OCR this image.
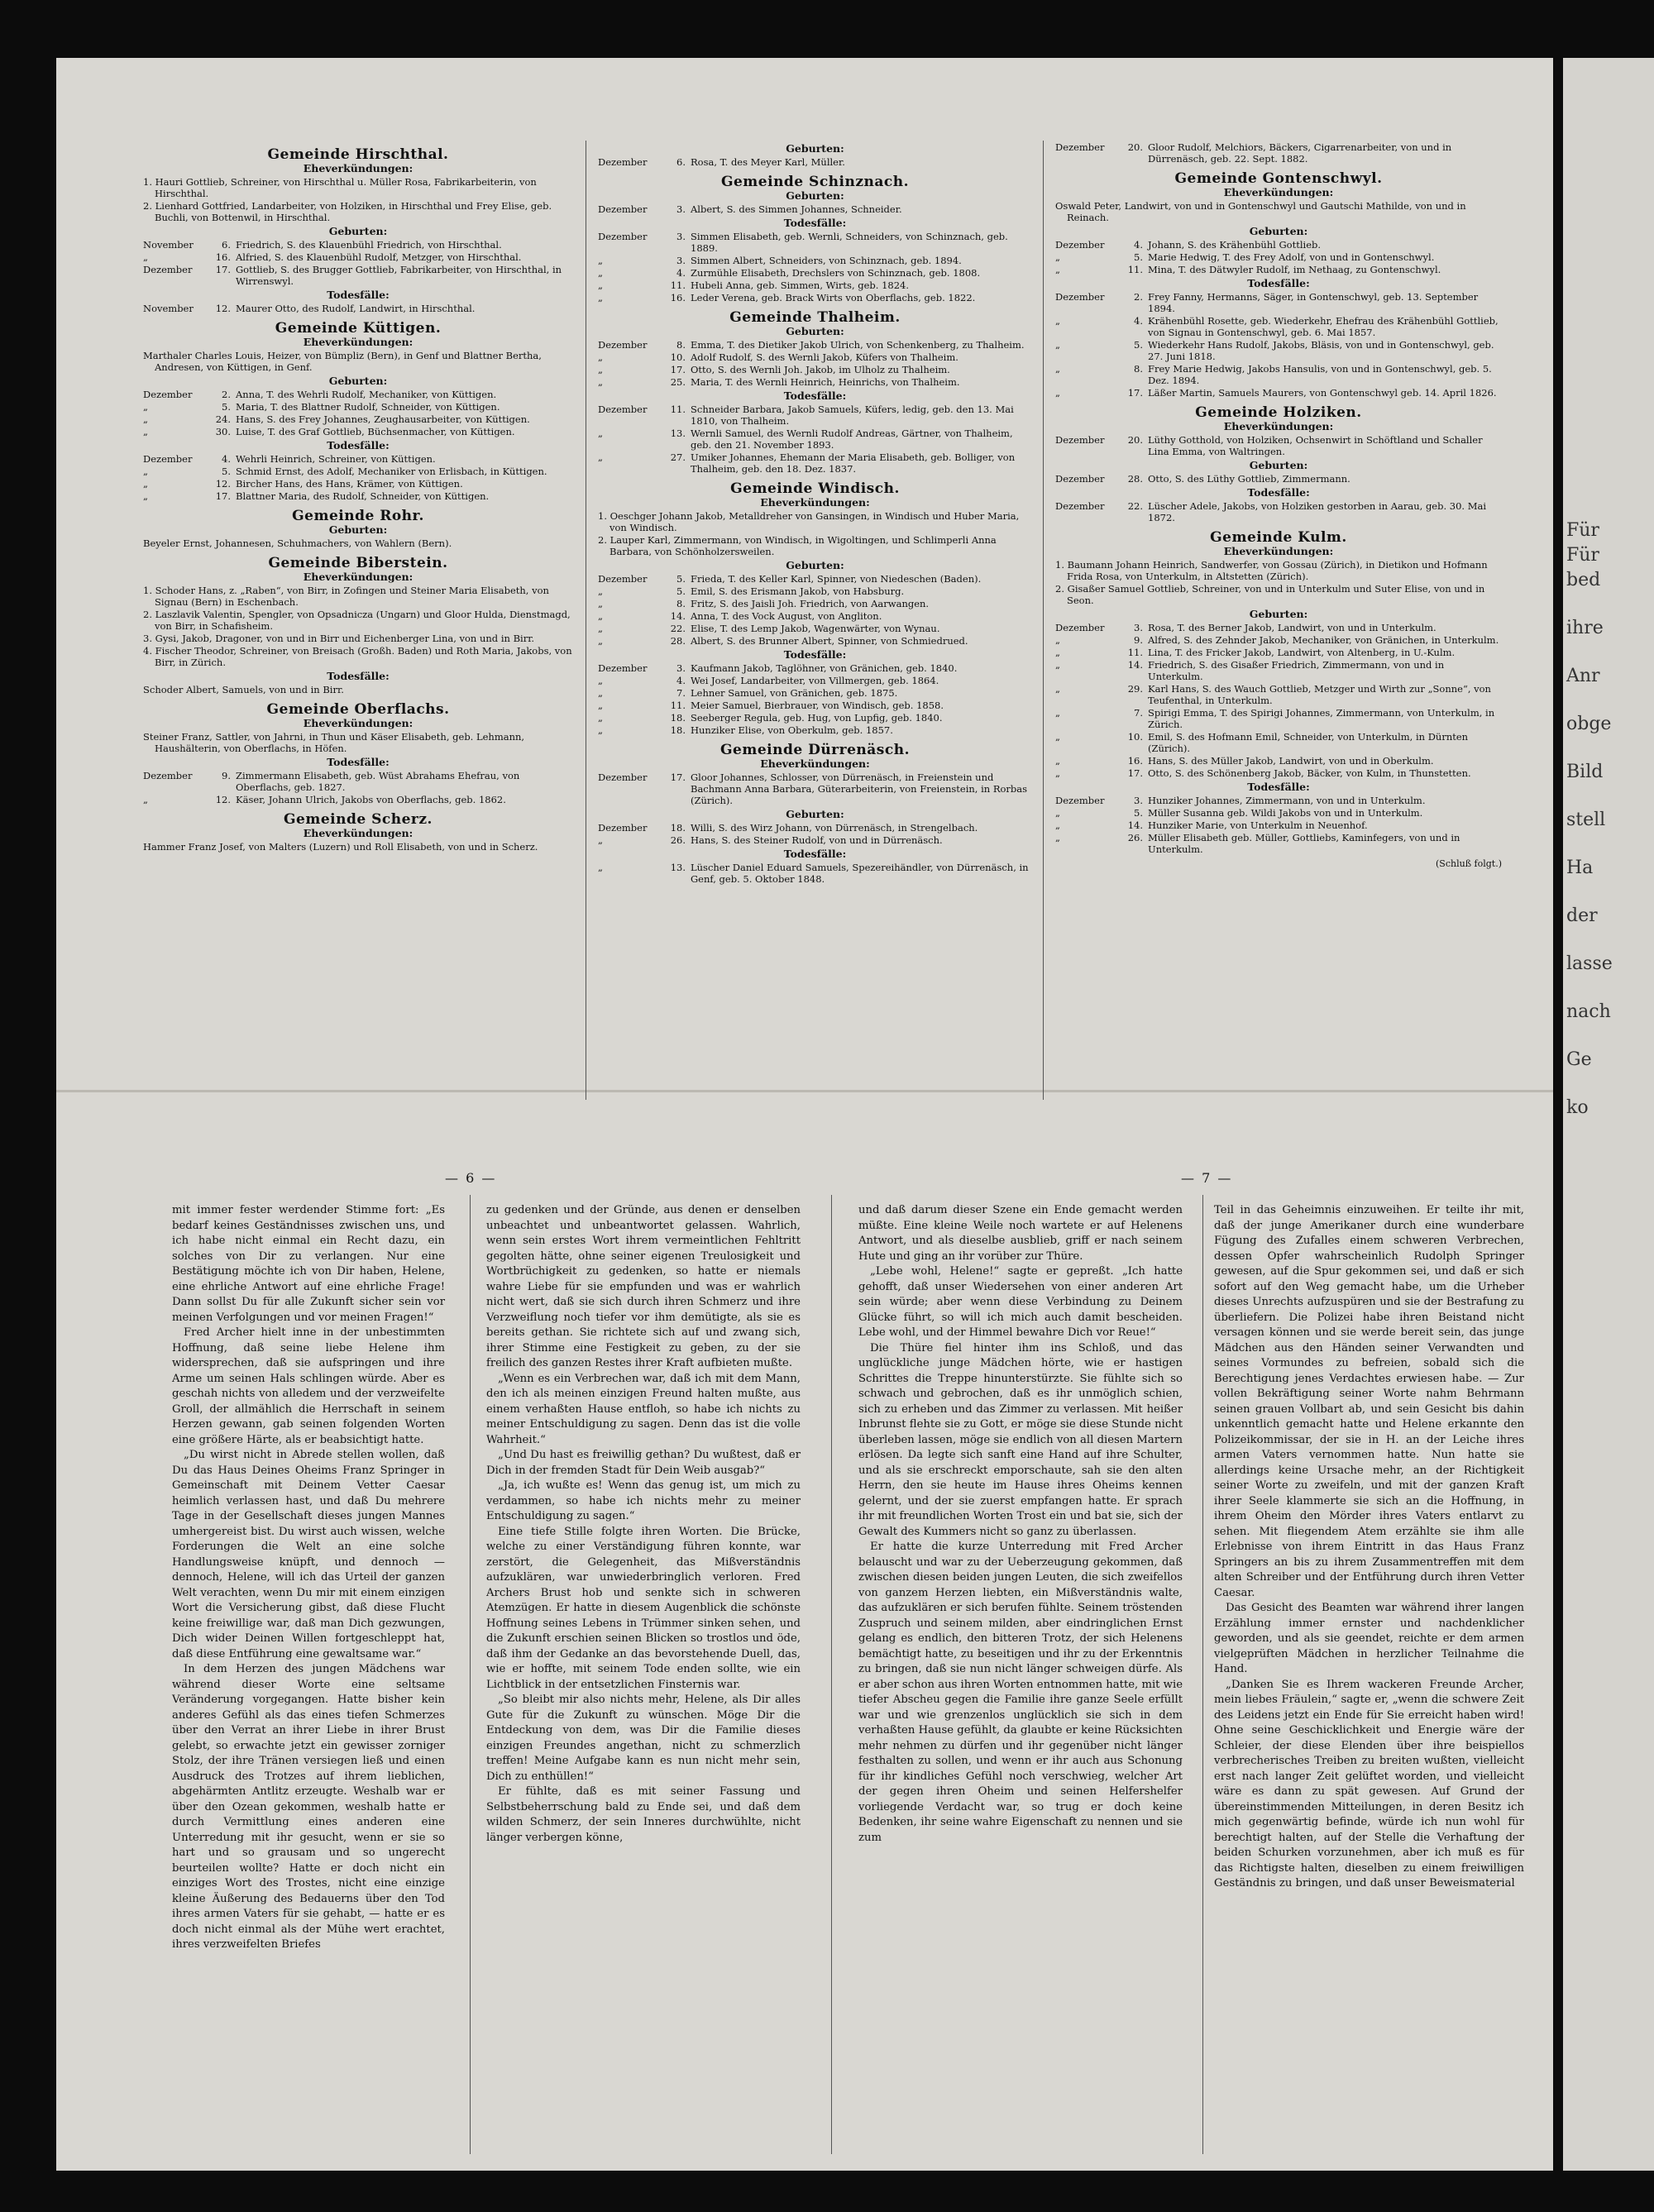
Gemeinde Hirschthal.
Eheverkündungen:
1. Hauri Gottlieb, Schreiner, von Hirschthal u. Müller Rosa, Fabrikarbeiterin, von Hirschthal.
2. Lienhard Gottfried, Landarbeiter, von Holziken, in Hirschthal und Frey Elise, geb. Buchli, von Bottenwil, in Hirschthal.
Geburten:
November	6. Friedrich, S. des Klauenbühl Friedrich, von Hirschthal.
„	16. Alfried, S. des Klauenbühl Rudolf, Metzger, von Hirschthal.
Dezember	17. Gottlieb, S. des Brugger Gottlieb, Fabrikarbeiter, von Hirschthal, in Wirrenswyl.
Todesfälle:
November	12. Maurer Otto, des Rudolf, Landwirt, in Hirschthal.
Gemeinde Küttigen.
Eheverkündungen:
Marthaler Charles Louis, Heizer, von Bümpliz (Bern), in Genf und Blattner Bertha, Andresen, von Küttigen, in Genf.
Geburten:
Dezember	2. Anna, T. des Wehrli Rudolf, Mechaniker, von Küttigen.
„	5. Maria, T. des Blattner Rudolf, Schneider, von Küttigen.
„	24. Hans, S. des Frey Johannes, Zeughausarbeiter, von Küttigen.
„	30. Luise, T. des Graf Gottlieb, Büchsenmacher, von Küttigen.
Todesfälle:
Dezember	4. Wehrli Heinrich, Schreiner, von Küttigen.
„	5. Schmid Ernst, des Adolf, Mechaniker von Erlisbach, in Küttigen.
„	12. Bircher Hans, des Hans, Krämer, von Küttigen.
„	17. Blattner Maria, des Rudolf, Schneider, von Küttigen.
Gemeinde Rohr.
Geburten:
Beyeler Ernst, Johannesen, Schuhmachers, von Wahlern (Bern).
Gemeinde Biberstein.
Eheverkündungen:
1. Schoder Hans, z. „Raben“, von Birr, in Zofingen und Steiner Maria Elisabeth, von Signau (Bern) in Eschenbach.
2. Laszlavik Valentin, Spengler, von Opsadnicza (Ungarn) und Gloor Hulda, Dienstmagd, von Birr, in Schafisheim.
3. Gysi, Jakob, Dragoner, von und in Birr und Eichenberger Lina, von und in Birr.
4. Fischer Theodor, Schreiner, von Breisach (Großh. Baden) und Roth Maria, Jakobs, von Birr, in Zürich.
Todesfälle:
Schoder Albert, Samuels, von und in Birr.
Gemeinde Oberflachs.
Eheverkündungen:
Steiner Franz, Sattler, von Jahrni, in Thun und Käser Elisabeth, geb. Lehmann, Haushälterin, von Oberflachs, in Höfen.
Todesfälle:
Dezember	9. Zimmermann Elisabeth, geb. Wüst Abrahams Ehefrau, von Oberflachs, geb. 1827.
„	12. Käser, Johann Ulrich, Jakobs von Oberflachs, geb. 1862.
Gemeinde Scherz.
Eheverkündungen:
Hammer Franz Josef, von Malters (Luzern) und Roll Elisabeth, von und in Scherz.
Geburten:
Dezember	6. Rosa, T. des Meyer Karl, Müller.
Gemeinde Schinznach.
Geburten:
Dezember	3. Albert, S. des Simmen Johannes, Schneider.
Todesfälle:
Dezember	3. Simmen Elisabeth, geb. Wernli, Schneiders, von Schinznach, geb. 1889.
„	3. Simmen Albert, Schneiders, von Schinznach, geb. 1894.
„	4. Zurmühle Elisabeth, Drechslers von Schinznach, geb. 1808.
„	11. Hubeli Anna, geb. Simmen, Wirts, geb. 1824.
„	16. Leder Verena, geb. Brack Wirts von Oberflachs, geb. 1822.
Gemeinde Thalheim.
Geburten:
Dezember	8. Emma, T. des Dietiker Jakob Ulrich, von Schenkenberg, zu Thalheim.
„	10. Adolf Rudolf, S. des Wernli Jakob, Küfers von Thalheim.
„	17. Otto, S. des Wernli Joh. Jakob, im Ulholz zu Thalheim.
„	25. Maria, T. des Wernli Heinrich, Heinrichs, von Thalheim.
Todesfälle:
Dezember	11. Schneider Barbara, Jakob Samuels, Küfers, ledig, geb. den 13. Mai 1810, von Thalheim.
„	13. Wernli Samuel, des Wernli Rudolf Andreas, Gärtner, von Thalheim, geb. den 21. November 1893.
„	27. Umiker Johannes, Ehemann der Maria Elisabeth, geb. Bolliger, von Thalheim, geb. den 18. Dez. 1837.
Gemeinde Windisch.
Eheverkündungen:
1. Oeschger Johann Jakob, Metalldreher von Gansingen, in Windisch und Huber Maria, von Windisch.
2. Lauper Karl, Zimmermann, von Windisch, in Wigoltingen, und Schlimperli Anna Barbara, von Schönholzersweilen.
Geburten:
Dezember	5. Frieda, T. des Keller Karl, Spinner, von Niedeschen (Baden).
„	5. Emil, S. des Erismann Jakob, von Habsburg.
„	8. Fritz, S. des Jaisli Joh. Friedrich, von Aarwangen.
„	14. Anna, T. des Vock August, von Angliton.
„	22. Elise, T. des Lemp Jakob, Wagenwärter, von Wynau.
„	28. Albert, S. des Brunner Albert, Spinner, von Schmiedrued.
Todesfälle:
Dezember	3. Kaufmann Jakob, Taglöhner, von Gränichen, geb. 1840.
„	4. Wei Josef, Landarbeiter, von Villmergen, geb. 1864.
„	7. Lehner Samuel, von Gränichen, geb. 1875.
„	11. Meier Samuel, Bierbrauer, von Windisch, geb. 1858.
„	18. Seeberger Regula, geb. Hug, von Lupfig, geb. 1840.
„	18. Hunziker Elise, von Oberkulm, geb. 1857.
Gemeinde Dürrenäsch.
Eheverkündungen:
Dezember	17. Gloor Johannes, Schlosser, von Dürrenäsch, in Freienstein und Bachmann Anna Barbara, Güterarbeiterin, von Freienstein, in Rorbas (Zürich).
Geburten:
Dezember	18. Willi, S. des Wirz Johann, von Dürrenäsch, in Strengelbach.
„	26. Hans, S. des Steiner Rudolf, von und in Dürrenäsch.
Todesfälle:
„	13. Lüscher Daniel Eduard Samuels, Spezereihändler, von Dürrenäsch, in Genf, geb. 5. Oktober 1848.
Dezember	20. Gloor Rudolf, Melchiors, Bäckers, Cigarrenarbeiter, von und in Dürrenäsch, geb. 22. Sept. 1882.
Gemeinde Gontenschwyl.
Eheverkündungen:
Oswald Peter, Landwirt, von und in Gontenschwyl und Gautschi Mathilde, von und in Reinach.
Geburten:
Dezember	4. Johann, S. des Krähenbühl Gottlieb.
„	5. Marie Hedwig, T. des Frey Adolf, von und in Gontenschwyl.
„	11. Mina, T. des Dätwyler Rudolf, im Nethaag, zu Gontenschwyl.
Todesfälle:
Dezember	2. Frey Fanny, Hermanns, Säger, in Gontenschwyl, geb. 13. September 1894.
„	4. Krähenbühl Rosette, geb. Wiederkehr, Ehefrau des Krähenbühl Gottlieb, von Signau in Gontenschwyl, geb. 6. Mai 1857.
„	5. Wiederkehr Hans Rudolf, Jakobs, Bläsis, von und in Gontenschwyl, geb. 27. Juni 1818.
„	8. Frey Marie Hedwig, Jakobs Hansulis, von und in Gontenschwyl, geb. 5. Dez. 1894.
„	17. Läßer Martin, Samuels Maurers, von Gontenschwyl geb. 14. April 1826.
Gemeinde Holziken.
Eheverkündungen:
Dezember	20. Lüthy Gotthold, von Holziken, Ochsenwirt in Schöftland und Schaller Lina Emma, von Waltringen.
Geburten:
Dezember	28. Otto, S. des Lüthy Gottlieb, Zimmermann.
Todesfälle:
Dezember	22. Lüscher Adele, Jakobs, von Holziken gestorben in Aarau, geb. 30. Mai 1872.
Gemeinde Kulm.
Eheverkündungen:
1. Baumann Johann Heinrich, Sandwerfer, von Gossau (Zürich), in Dietikon und Hofmann Frida Rosa, von Unterkulm, in Altstetten (Zürich).
2. Gisaßer Samuel Gottlieb, Schreiner, von und in Unterkulm und Suter Elise, von und in Seon.
Geburten:
Dezember	3. Rosa, T. des Berner Jakob, Landwirt, von und in Unterkulm.
„	9. Alfred, S. des Zehnder Jakob, Mechaniker, von Gränichen, in Unterkulm.
„	11. Lina, T. des Fricker Jakob, Landwirt, von Altenberg, in U.-Kulm.
„	14. Friedrich, S. des Gisaßer Friedrich, Zimmermann, von und in Unterkulm.
„	29. Karl Hans, S. des Wauch Gottlieb, Metzger und Wirth zur „Sonne“, von Teufenthal, in Unterkulm.
„	7. Spirigi Emma, T. des Spirigi Johannes, Zimmermann, von Unterkulm, in Zürich.
„	10. Emil, S. des Hofmann Emil, Schneider, von Unterkulm, in Dürnten (Zürich).
„	16. Hans, S. des Müller Jakob, Landwirt, von und in Oberkulm.
„	17. Otto, S. des Schönenberg Jakob, Bäcker, von Kulm, in Thunstetten.
Todesfälle:
Dezember	3. Hunziker Johannes, Zimmermann, von und in Unterkulm.
„	5. Müller Susanna geb. Wildi Jakobs von und in Unterkulm.
„	14. Hunziker Marie, von Unterkulm in Neuenhof.
„	26. Müller Elisabeth geb. Müller, Gottliebs, Kaminfegers, von und in Unterkulm.
(Schluß folgt.)
— 6 —	— 7 —

mit immer fester werdender Stimme fort: „Es bedarf keines Geständnisses zwischen uns, und ich habe nicht einmal ein Recht dazu, ein solches von Dir zu verlangen. Nur eine Bestätigung möchte ich von Dir haben, Helene, eine ehrliche Antwort auf eine ehrliche Frage! Dann sollst Du für alle Zukunft sicher sein vor meinen Verfolgungen und vor meinen Fragen!“

Fred Archer hielt inne in der unbestimmten Hoffnung, daß seine liebe Helene ihm widersprechen, daß sie aufspringen und ihre Arme um seinen Hals schlingen würde. Aber es geschah nichts von alledem und der verzweifelte Groll, der allmählich die Herrschaft in seinem Herzen gewann, gab seinen folgenden Worten eine größere Härte, als er beabsichtigt hatte.

„Du wirst nicht in Abrede stellen wollen, daß Du das Haus Deines Oheims Franz Springer in Gemeinschaft mit Deinem Vetter Caesar heimlich verlassen hast, und daß Du mehrere Tage in der Gesellschaft dieses jungen Mannes umhergereist bist. Du wirst auch wissen, welche Forderungen die Welt an eine solche Handlungsweise knüpft, und dennoch — dennoch, Helene, will ich das Urteil der ganzen Welt verachten, wenn Du mir mit einem einzigen Wort die Versicherung gibst, daß diese Flucht keine freiwillige war, daß man Dich gezwungen, Dich wider Deinen Willen fortgeschleppt hat, daß diese Entführung eine gewaltsame war.“

In dem Herzen des jungen Mädchens war während dieser Worte eine seltsame Veränderung vorgegangen. Hatte bisher kein anderes Gefühl als das eines tiefen Schmerzes über den Verrat an ihrer Liebe in ihrer Brust gelebt, so erwachte jetzt ein gewisser zorniger Stolz, der ihre Tränen versiegen ließ und einen Ausdruck des Trotzes auf ihrem lieblichen, abgehärmten Antlitz erzeugte. Weshalb war er über den Ozean gekommen, weshalb hatte er durch Vermittlung eines anderen eine Unterredung mit ihr gesucht, wenn er sie so hart und so grausam und so ungerecht beurteilen wollte? Hatte er doch nicht ein einziges Wort des Trostes, nicht eine einzige kleine Äußerung des Bedauerns über den Tod ihres armen Vaters für sie gehabt, — hatte er es doch nicht einmal als der Mühe wert erachtet, ihres verzweifelten Briefes

zu gedenken und der Gründe, aus denen er denselben unbeachtet und unbeantwortet gelassen. Wahrlich, wenn sein erstes Wort ihrem vermeintlichen Fehltritt gegolten hätte, ohne seiner eigenen Treulosigkeit und Wortbrüchigkeit zu gedenken, so hatte er niemals wahre Liebe für sie empfunden und was er wahrlich nicht wert, daß sie sich durch ihren Schmerz und ihre Verzweiflung noch tiefer vor ihm demütigte, als sie es bereits gethan. Sie richtete sich auf und zwang sich, ihrer Stimme eine Festigkeit zu geben, zu der sie freilich des ganzen Restes ihrer Kraft aufbieten mußte.

„Wenn es ein Verbrechen war, daß ich mit dem Mann, den ich als meinen einzigen Freund halten mußte, aus einem verhaßten Hause entfloh, so habe ich nichts zu meiner Entschuldigung zu sagen. Denn das ist die volle Wahrheit.“

„Und Du hast es freiwillig gethan? Du wußtest, daß er Dich in der fremden Stadt für Dein Weib ausgab?“

„Ja, ich wußte es! Wenn das genug ist, um mich zu verdammen, so habe ich nichts mehr zu meiner Entschuldigung zu sagen.“

Eine tiefe Stille folgte ihren Worten. Die Brücke, welche zu einer Verständigung führen konnte, war zerstört, die Gelegenheit, das Mißverständnis aufzuklären, war unwiederbringlich verloren. Fred Archers Brust hob und senkte sich in schweren Atemzügen. Er hatte in diesem Augenblick die schönste Hoffnung seines Lebens in Trümmer sinken sehen, und die Zukunft erschien seinen Blicken so trostlos und öde, daß ihm der Gedanke an das bevorstehende Duell, das, wie er hoffte, mit seinem Tode enden sollte, wie ein Lichtblick in der entsetzlichen Finsternis war.

„So bleibt mir also nichts mehr, Helene, als Dir alles Gute für die Zukunft zu wünschen. Möge Dir die Entdeckung von dem, was Dir die Familie dieses einzigen Freundes angethan, nicht zu schmerzlich treffen! Meine Aufgabe kann es nun nicht mehr sein, Dich zu enthüllen!“

Er fühlte, daß es mit seiner Fassung und Selbstbeherrschung bald zu Ende sei, und daß dem wilden Schmerz, der sein Inneres durchwühlte, nicht länger verbergen könne,

und daß darum dieser Szene ein Ende gemacht werden müßte. Eine kleine Weile noch wartete er auf Helenens Antwort, und als dieselbe ausblieb, griff er nach seinem Hute und ging an ihr vorüber zur Thüre.

„Lebe wohl, Helene!“ sagte er gepreßt. „Ich hatte gehofft, daß unser Wiedersehen von einer anderen Art sein würde; aber wenn diese Verbindung zu Deinem Glücke führt, so will ich mich auch damit bescheiden. Lebe wohl, und der Himmel bewahre Dich vor Reue!“

Die Thüre fiel hinter ihm ins Schloß, und das unglückliche junge Mädchen hörte, wie er hastigen Schrittes die Treppe hinunterstürzte. Sie fühlte sich so schwach und gebrochen, daß es ihr unmöglich schien, sich zu erheben und das Zimmer zu verlassen. Mit heißer Inbrunst flehte sie zu Gott, er möge sie diese Stunde nicht überleben lassen, möge sie endlich von all diesen Martern erlösen. Da legte sich sanft eine Hand auf ihre Schulter, und als sie erschreckt emporschaute, sah sie den alten Herrn, den sie heute im Hause ihres Oheims kennen gelernt, und der sie zuerst empfangen hatte. Er sprach ihr mit freundlichen Worten Trost ein und bat sie, sich der Gewalt des Kummers nicht so ganz zu überlassen.

Er hatte die kurze Unterredung mit Fred Archer belauscht und war zu der Ueberzeugung gekommen, daß zwischen diesen beiden jungen Leuten, die sich zweifellos von ganzem Herzen liebten, ein Mißverständnis walte, das aufzuklären er sich berufen fühlte. Seinem tröstenden Zuspruch und seinem milden, aber eindringlichen Ernst gelang es endlich, den bitteren Trotz, der sich Helenens bemächtigt hatte, zu beseitigen und ihr zu der Erkenntnis zu bringen, daß sie nun nicht länger schweigen dürfe. Als er aber schon aus ihren Worten entnommen hatte, mit wie tiefer Abscheu gegen die Familie ihre ganze Seele erfüllt war und wie grenzenlos unglücklich sie sich in dem verhaßten Hause gefühlt, da glaubte er keine Rücksichten mehr nehmen zu dürfen und ihr gegenüber nicht länger festhalten zu sollen, und wenn er ihr auch aus Schonung für ihr kindliches Gefühl noch verschwieg, welcher Art der gegen ihren Oheim und seinen Helfershelfer vorliegende Verdacht war, so trug er doch keine Bedenken, ihr seine wahre Eigenschaft zu nennen und sie zum

Teil in das Geheimnis einzuweihen. Er teilte ihr mit, daß der junge Amerikaner durch eine wunderbare Fügung des Zufalles einem schweren Verbrechen, dessen Opfer wahrscheinlich Rudolph Springer gewesen, auf die Spur gekommen sei, und daß er sich sofort auf den Weg gemacht habe, um die Urheber dieses Unrechts aufzuspüren und sie der Bestrafung zu überliefern. Die Polizei habe ihren Beistand nicht versagen können und sie werde bereit sein, das junge Mädchen aus den Händen seiner Verwandten und seines Vormundes zu befreien, sobald sich die Berechtigung jenes Verdachtes erwiesen habe. — Zur vollen Bekräftigung seiner Worte nahm Behrmann seinen grauen Vollbart ab, und sein Gesicht bis dahin unkenntlich gemacht hatte und Helene erkannte den Polizeikommissar, der sie in H. an der Leiche ihres armen Vaters vernommen hatte. Nun hatte sie allerdings keine Ursache mehr, an der Richtigkeit seiner Worte zu zweifeln, und mit der ganzen Kraft ihrer Seele klammerte sie sich an die Hoffnung, in ihrem Oheim den Mörder ihres Vaters entlarvt zu sehen. Mit fliegendem Atem erzählte sie ihm alle Erlebnisse von ihrem Eintritt in das Haus Franz Springers an bis zu ihrem Zusammentreffen mit dem alten Schreiber und der Entführung durch ihren Vetter Caesar.

Das Gesicht des Beamten war während ihrer langen Erzählung immer ernster und nachdenklicher geworden, und als sie geendet, reichte er dem armen vielgeprüften Mädchen in herzlicher Teilnahme die Hand.

„Danken Sie es Ihrem wackeren Freunde Archer, mein liebes Fräulein,“ sagte er, „wenn die schwere Zeit des Leidens jetzt ein Ende für Sie erreicht haben wird! Ohne seine Geschicklichkeit und Energie wäre der Schleier, der diese Elenden über ihre beispiellos verbrecherisches Treiben zu breiten wußten, vielleicht erst nach langer Zeit gelüftet worden, und vielleicht wäre es dann zu spät gewesen. Auf Grund der übereinstimmenden Mitteilungen, in deren Besitz ich mich gegenwärtig befinde, würde ich nun wohl für berechtigt halten, auf der Stelle die Verhaftung der beiden Schurken vorzunehmen, aber ich muß es für das Richtigste halten, dieselben zu einem freiwilligen Geständnis zu bringen, und daß unser Beweismaterial

Für
Für
bed
ihre
Anr
obge
Bild
stell
Ha
der
lasse
nach
Ge
ko
